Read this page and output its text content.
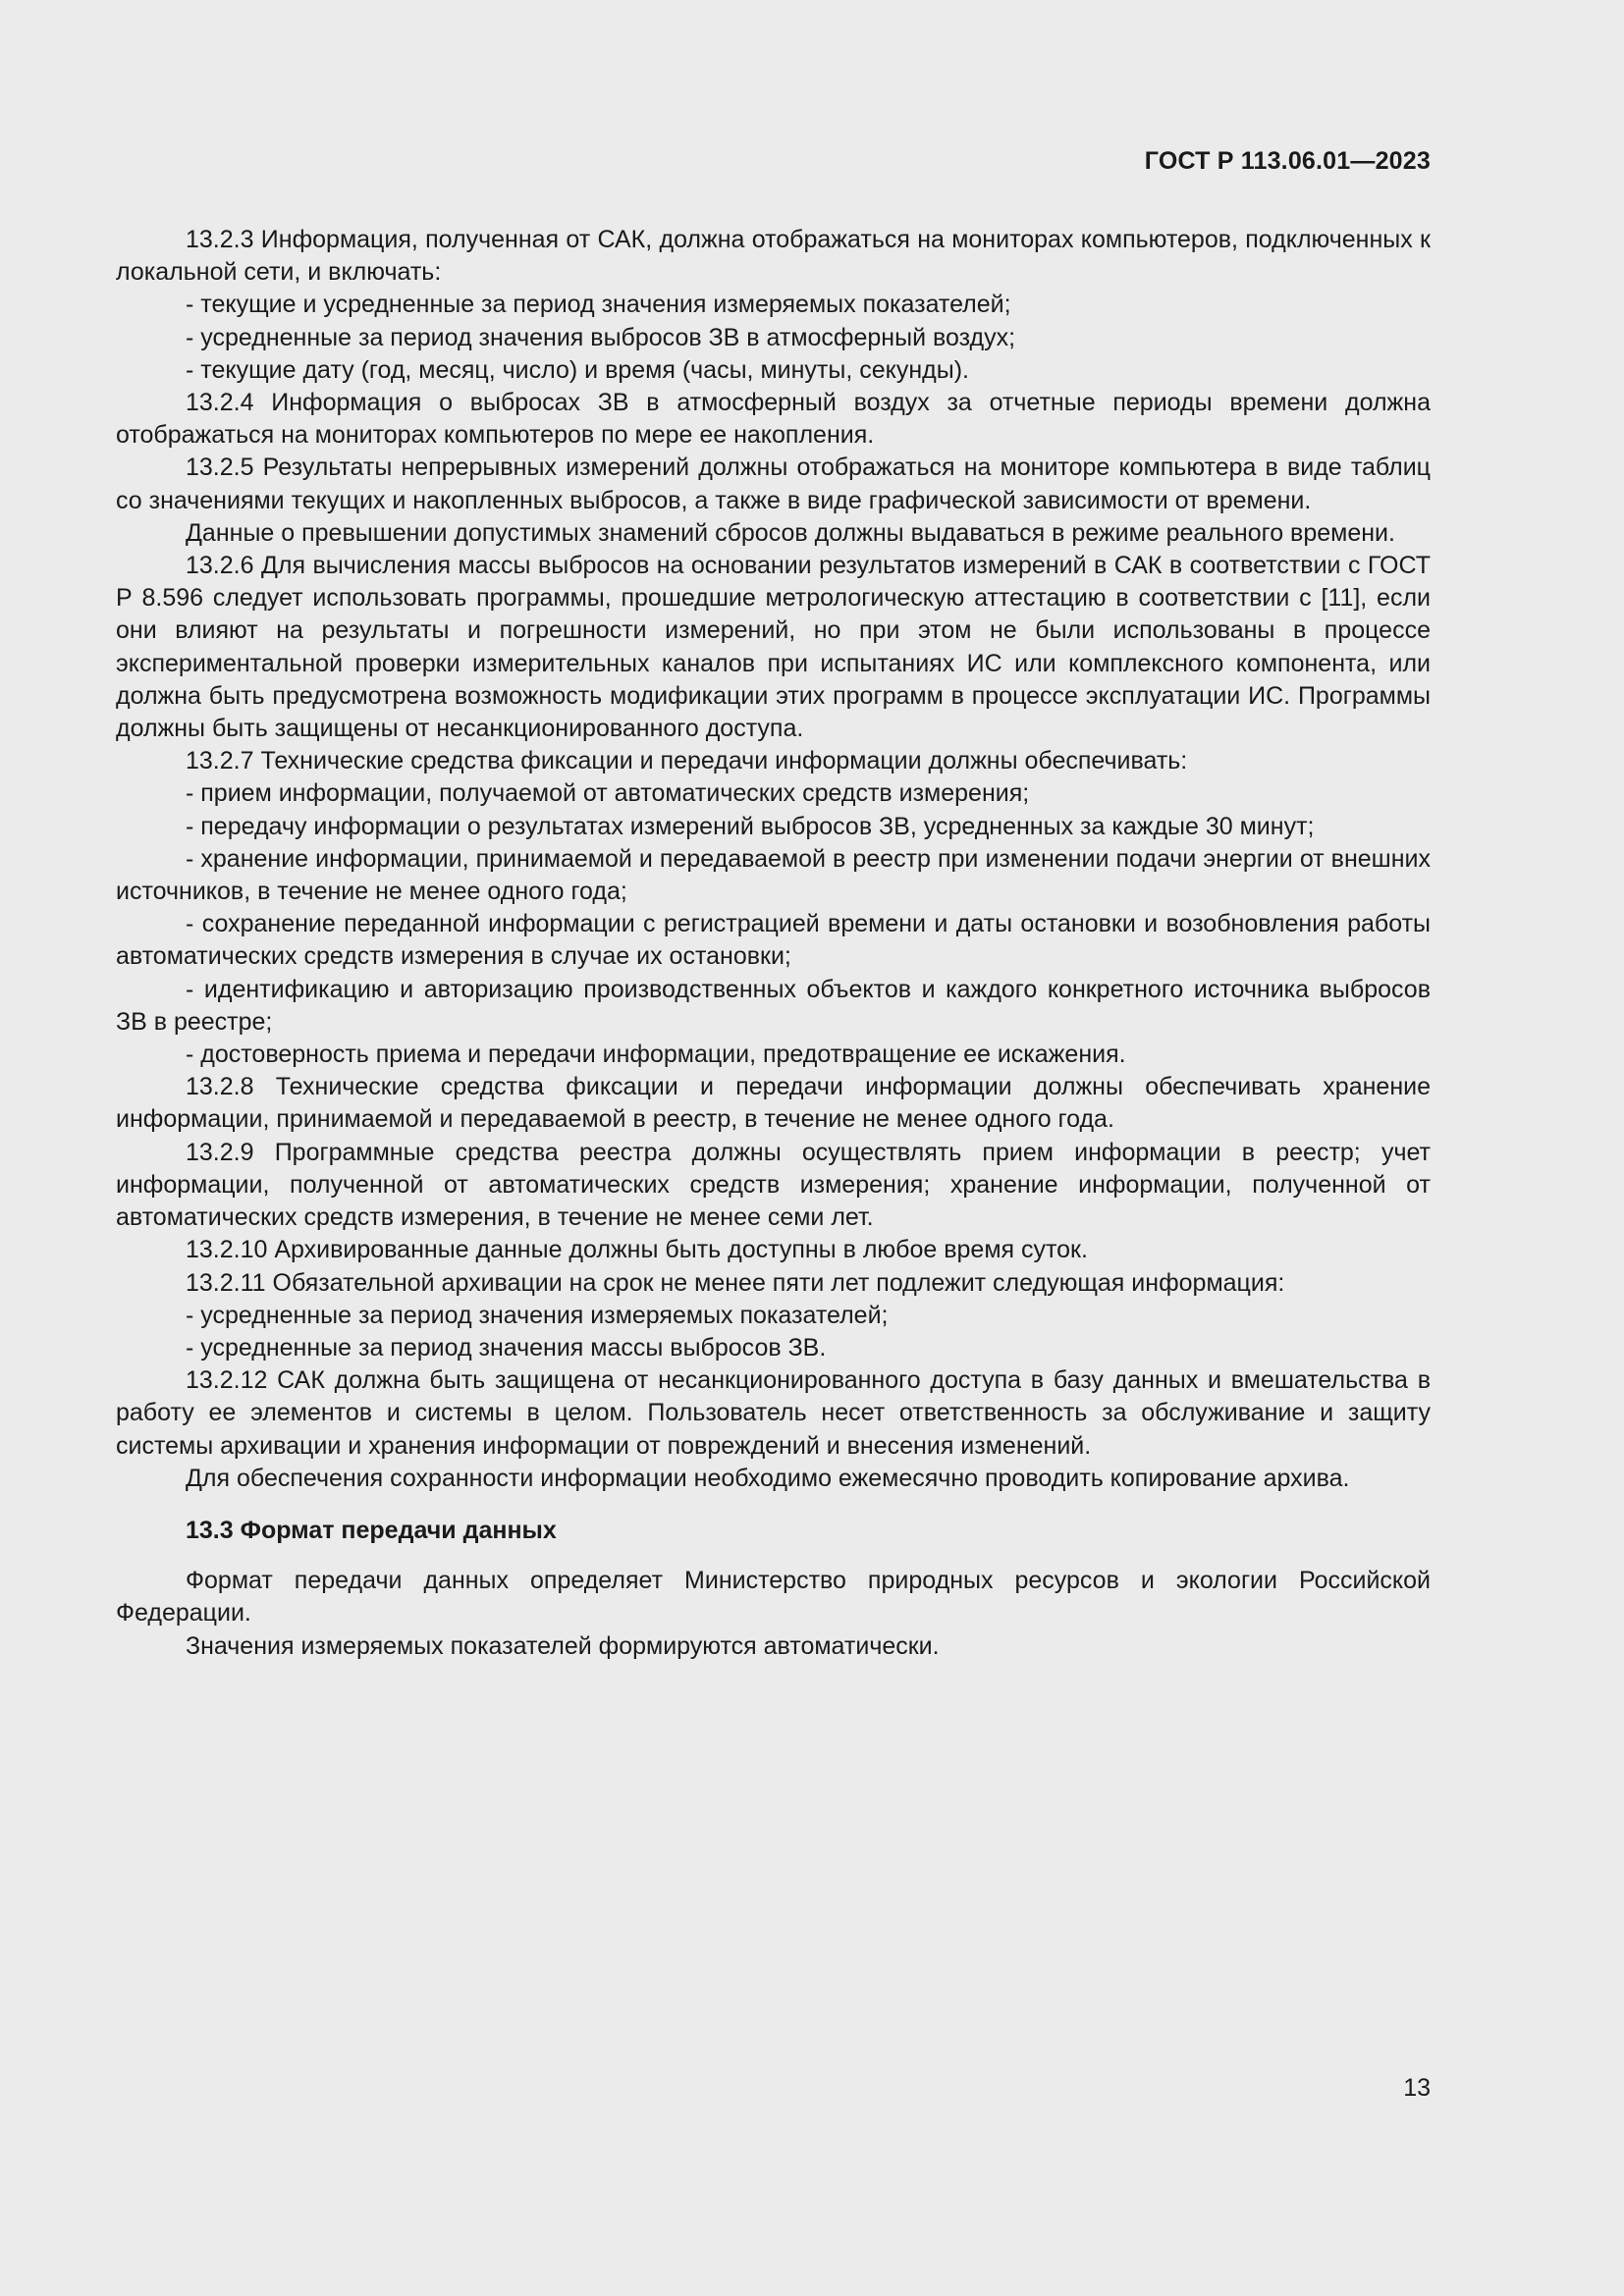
ГОСТ Р 113.06.01—2023

13.2.3 Информация, полученная от САК, должна отображаться на мониторах компьютеров, подключенных к локальной сети, и включать:

- текущие и усредненные за период значения измеряемых показателей;

- усредненные за период значения выбросов ЗВ в атмосферный воздух;

- текущие дату (год, месяц, число) и время (часы, минуты, секунды).

13.2.4 Информация о выбросах ЗВ в атмосферный воздух за отчетные периоды времени должна отображаться на мониторах компьютеров по мере ее накопления.

13.2.5 Результаты непрерывных измерений должны отображаться на мониторе компьютера в виде таблиц со значениями текущих и накопленных выбросов, а также в виде графической зависимости от времени.

Данные о превышении допустимых знамений сбросов должны выдаваться в режиме реального времени.

13.2.6 Для вычисления массы выбросов на основании результатов измерений в САК в соответствии с ГОСТ Р 8.596 следует использовать программы, прошедшие метрологическую аттестацию в соответствии с [11], если они влияют на результаты и погрешности измерений, но при этом не были использованы в процессе экспериментальной проверки измерительных каналов при испытаниях ИС или комплексного компонента, или должна быть предусмотрена возможность модификации этих программ в процессе эксплуатации ИС. Программы должны быть защищены от несанкционированного доступа.

13.2.7 Технические средства фиксации и передачи информации должны обеспечивать:

- прием информации, получаемой от автоматических средств измерения;

- передачу информации о результатах измерений выбросов ЗВ, усредненных за каждые 30 минут;

- хранение информации, принимаемой и передаваемой в реестр при изменении подачи энергии от внешних источников, в течение не менее одного года;

- сохранение переданной информации с регистрацией времени и даты остановки и возобновления работы автоматических средств измерения в случае их остановки;

- идентификацию и авторизацию производственных объектов и каждого конкретного источника выбросов ЗВ в реестре;

- достоверность приема и передачи информации, предотвращение ее искажения.

13.2.8 Технические средства фиксации и передачи информации должны обеспечивать хранение информации, принимаемой и передаваемой в реестр, в течение не менее одного года.

13.2.9 Программные средства реестра должны осуществлять прием информации в реестр; учет информации, полученной от автоматических средств измерения; хранение информации, полученной от автоматических средств измерения, в течение не менее семи лет.

13.2.10 Архивированные данные должны быть доступны в любое время суток.

13.2.11 Обязательной архивации на срок не менее пяти лет подлежит следующая информация:

- усредненные за период значения измеряемых показателей;

- усредненные за период значения массы выбросов ЗВ.

13.2.12 САК должна быть защищена от несанкционированного доступа в базу данных и вмешательства в работу ее элементов и системы в целом. Пользователь несет ответственность за обслуживание и защиту системы архивации и хранения информации от повреждений и внесения изменений.

Для обеспечения сохранности информации необходимо ежемесячно проводить копирование архива.

13.3 Формат передачи данных

Формат передачи данных определяет Министерство природных ресурсов и экологии Российской Федерации.

Значения измеряемых показателей формируются автоматически.

13
